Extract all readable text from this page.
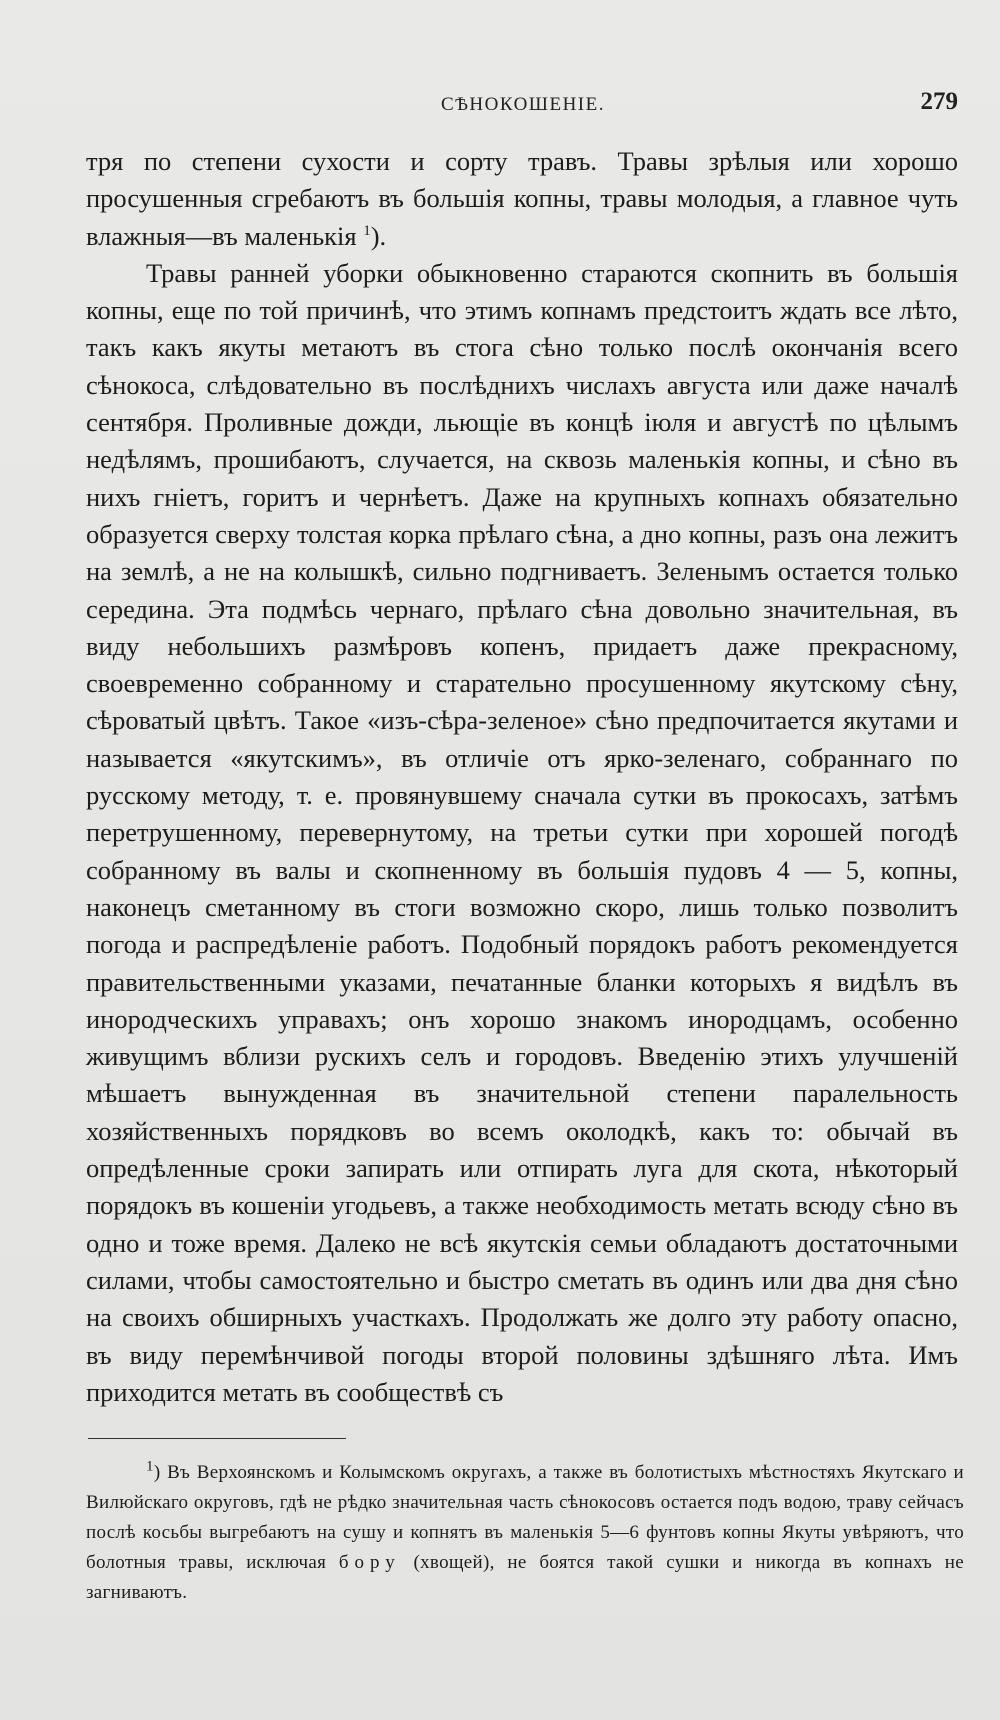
СѢНОКОШЕНІЕ.	279

тря по степени сухости и сорту травъ. Травы зрѣлыя или хорошо просушенныя сгребаютъ въ большія копны, травы молодыя, а главное чуть влажныя—въ маленькія $^1$).

Травы ранней уборки обыкновенно стараются скопнить въ большія копны, еще по той причинѣ, что этимъ копнамъ предстоитъ ждать все лѣто, такъ какъ якуты метаютъ въ стога сѣно только послѣ окончанія всего сѣнокоса, слѣдовательно въ послѣднихъ числахъ августа или даже началѣ сентября. Проливные дожди, льющіе въ концѣ іюля и августѣ по цѣлымъ недѣлямъ, прошибаютъ, случается, на сквозь маленькія копны, и сѣно въ нихъ гніетъ, горитъ и чернѣетъ. Даже на крупныхъ копнахъ обязательно образуется сверху толстая корка прѣлаго сѣна, а дно копны, разъ она лежитъ на землѣ, а не на колышкѣ, сильно подгниваетъ. Зеленымъ остается только середина. Эта подмѣсь чернаго, прѣлаго сѣна довольно значительная, въ виду небольшихъ размѣровъ копенъ, придаетъ даже прекрасному, своевременно собранному и старательно просушенному якутскому сѣну, сѣроватый цвѣтъ. Такое «изъ-сѣра-зеленое» сѣно предпочитается якутами и называется «якутскимъ», въ отличіе отъ ярко-зеленаго, собраннаго по русскому методу, т. е. провянувшему сначала сутки въ прокосахъ, затѣмъ перетрушенному, перевернутому, на третьи сутки при хорошей погодѣ собранному въ валы и скопненному въ большія пудовъ 4 — 5, копны, наконецъ сметанному въ стоги возможно скоро, лишь только позволитъ погода и распредѣленіе работъ. Подобный порядокъ работъ рекомендуется правительственными указами, печатанные бланки которыхъ я видѣлъ въ инородческихъ управахъ; онъ хорошо знакомъ инородцамъ, особенно живущимъ вблизи рускихъ селъ и городовъ. Введенію этихъ улучшеній мѣшаетъ вынужденная въ значительной степени паралельность хозяйственныхъ порядковъ во всемъ околодкѣ, какъ то: обычай въ опредѣленные сроки запирать или отпирать луга для скота, нѣкоторый порядокъ въ кошеніи угодьевъ, а также необходимость метать всюду сѣно въ одно и тоже время. Далеко не всѣ якутскія семьи обладаютъ достаточными силами, чтобы самостоятельно и быстро сметать въ одинъ или два дня сѣно на своихъ обширныхъ участкахъ. Продолжать же долго эту работу опасно, въ виду перемѣнчивой погоды второй половины здѣшняго лѣта. Имъ приходится метать въ сообществѣ съ

$^1$) Въ Верхоянскомъ и Колымскомъ округахъ, а также въ болотистыхъ мѣстностяхъ Якутскаго и Вилюйскаго округовъ, гдѣ не рѣдко значительная часть сѣнокосовъ остается подъ водою, траву сейчасъ послѣ косьбы выгребаютъ на сушу и копнятъ въ маленькія 5—6 фунтовъ копны Якуты увѣряютъ, что болотныя травы, исключая бору (хвощей), не боятся такой сушки и никогда въ копнахъ не загниваютъ.
